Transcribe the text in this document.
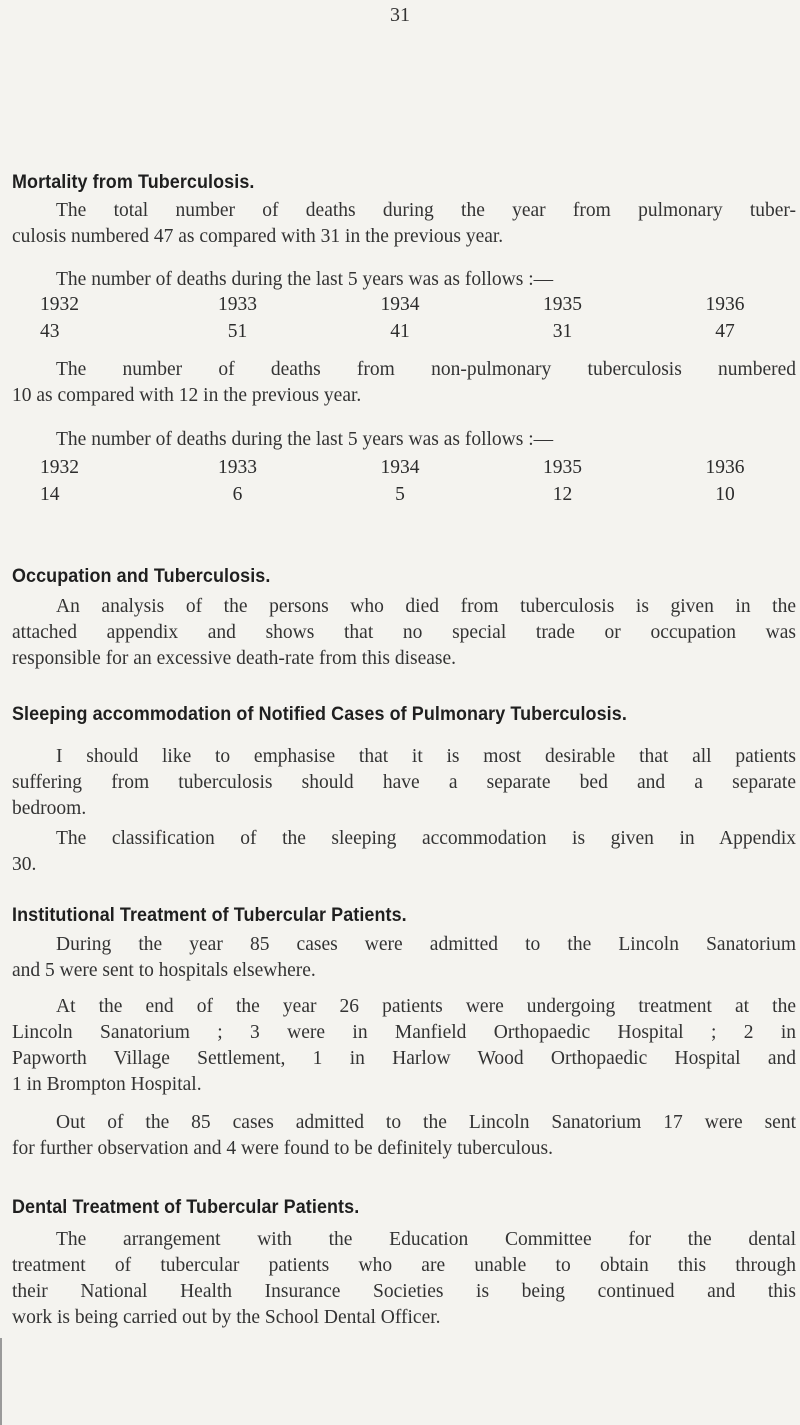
31
Mortality from Tuberculosis.
The total number of deaths during the year from pulmonary tuber-
culosis numbered 47 as compared with 31 in the previous year.
The number of deaths during the last 5 years was as follows :—
1932	1933	1934	1935	1936
43	51	41	31	47
The number of deaths from non-pulmonary tuberculosis numbered
10 as compared with 12 in the previous year.
The number of deaths during the last 5 years was as follows :—
1932	1933	1934	1935	1936
14	6	5	12	10
Occupation and Tuberculosis.
An analysis of the persons who died from tuberculosis is given in the
attached appendix and shows that no special trade or occupation was
responsible for an excessive death-rate from this disease.
Sleeping accommodation of Notified Cases of Pulmonary Tuberculosis.
I should like to emphasise that it is most desirable that all patients
suffering from tuberculosis should have a separate bed and a separate
bedroom.
The classification of the sleeping accommodation is given in Appendix
30.
Institutional Treatment of Tubercular Patients.
During the year 85 cases were admitted to the Lincoln Sanatorium
and 5 were sent to hospitals elsewhere.
At the end of the year 26 patients were undergoing treatment at the
Lincoln Sanatorium ; 3 were in Manfield Orthopaedic Hospital ; 2 in
Papworth Village Settlement, 1 in Harlow Wood Orthopaedic Hospital and
1 in Brompton Hospital.
Out of the 85 cases admitted to the Lincoln Sanatorium 17 were sent
for further observation and 4 were found to be definitely tuberculous.
Dental Treatment of Tubercular Patients.
The arrangement with the Education Committee for the dental
treatment of tubercular patients who are unable to obtain this through
their National Health Insurance Societies is being continued and this
work is being carried out by the School Dental Officer.
